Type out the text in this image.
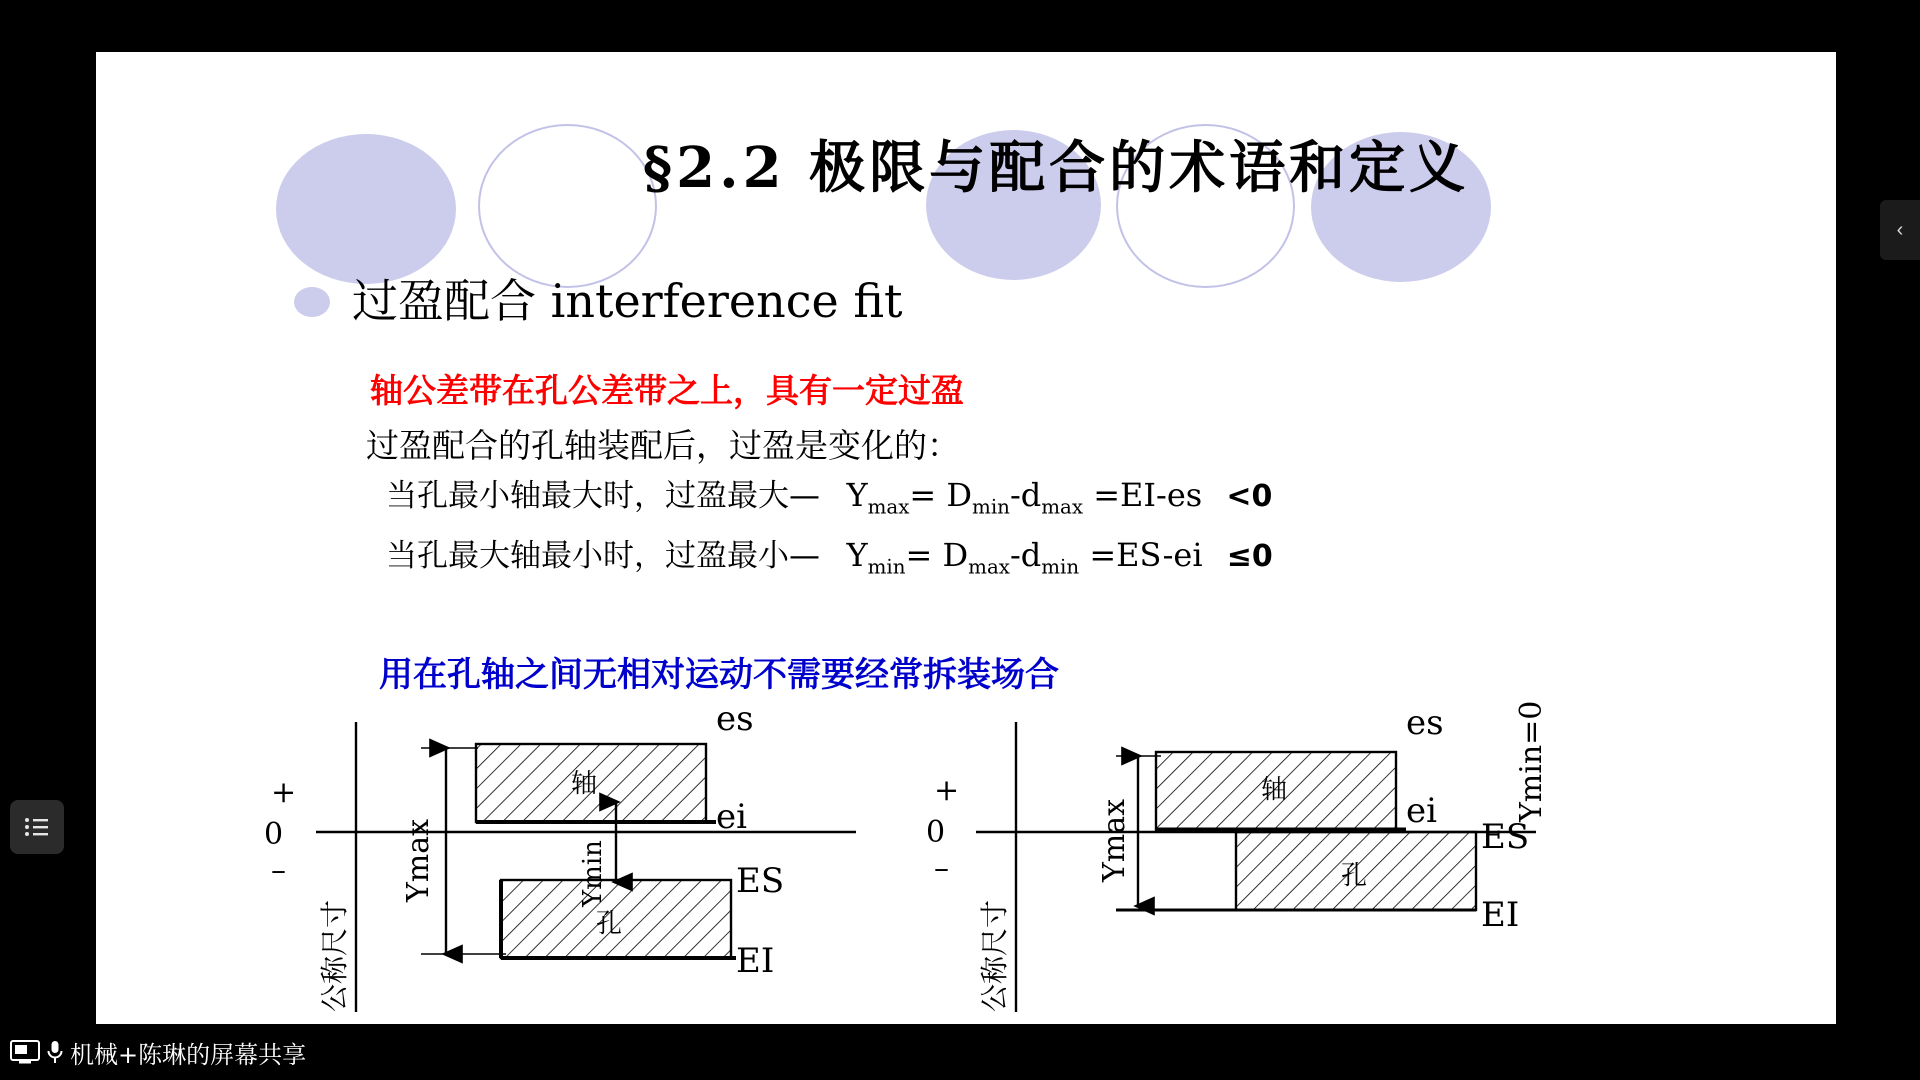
§2.2 极限与配合的术语和定义
过盈配合 interference fit
轴公差带在孔公差带之上，具有一定过盈
过盈配合的孔轴装配后，过盈是变化的：
当孔最小轴最大时，过盈最大— $Y_{max}= D_{min}-d_{max} =EI-es <0$
当孔最大轴最小时，过盈最小— $Y_{min}= D_{max}-d_{min} =ES-ei \le 0$
用在孔轴之间无相对运动不需要经常拆装场合
+
0
–
公称尺寸
Ymax	Ymin
轴
孔
es
ei
ES
EI
+
0
–
公称尺寸
Ymax
Ymin=0
轴
孔
es
ei
ES
EI
‹
机械+陈琳的屏幕共享
